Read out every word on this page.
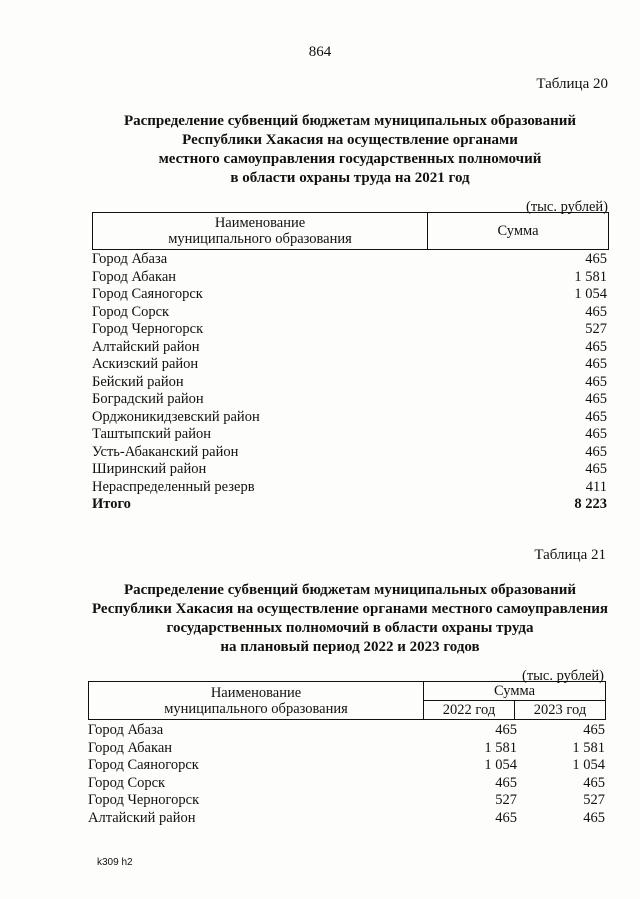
864
Таблица 20
Распределение субвенций бюджетам муниципальных образований
Республики Хакасия на осуществление органами
местного самоуправления государственных полномочий
в области охраны труда на 2021 год
(тыс. рублей)
Наименование
муниципального образования	Сумма
Город Абаза	465
Город Абакан	1 581
Город Саяногорск	1 054
Город Сорск	465
Город Черногорск	527
Алтайский район	465
Аскизский район	465
Бейский район	465
Боградский район	465
Орджоникидзевский район	465
Таштыпский район	465
Усть-Абаканский район	465
Ширинский район	465
Нераспределенный резерв	411
Итого	8 223
Таблица 21
Распределение субвенций бюджетам муниципальных образований
Республики Хакасия на осуществление органами местного самоуправления
государственных полномочий в области охраны труда
на плановый период 2022 и 2023 годов
(тыс. рублей)
Наименование
муниципального образования	Сумма	
	2022 год	2023 год
Город Абаза	465	465
Город Абакан	1 581	1 581
Город Саяногорск	1 054	1 054
Город Сорск	465	465
Город Черногорск	527	527
Алтайский район	465	465
k309 h2
